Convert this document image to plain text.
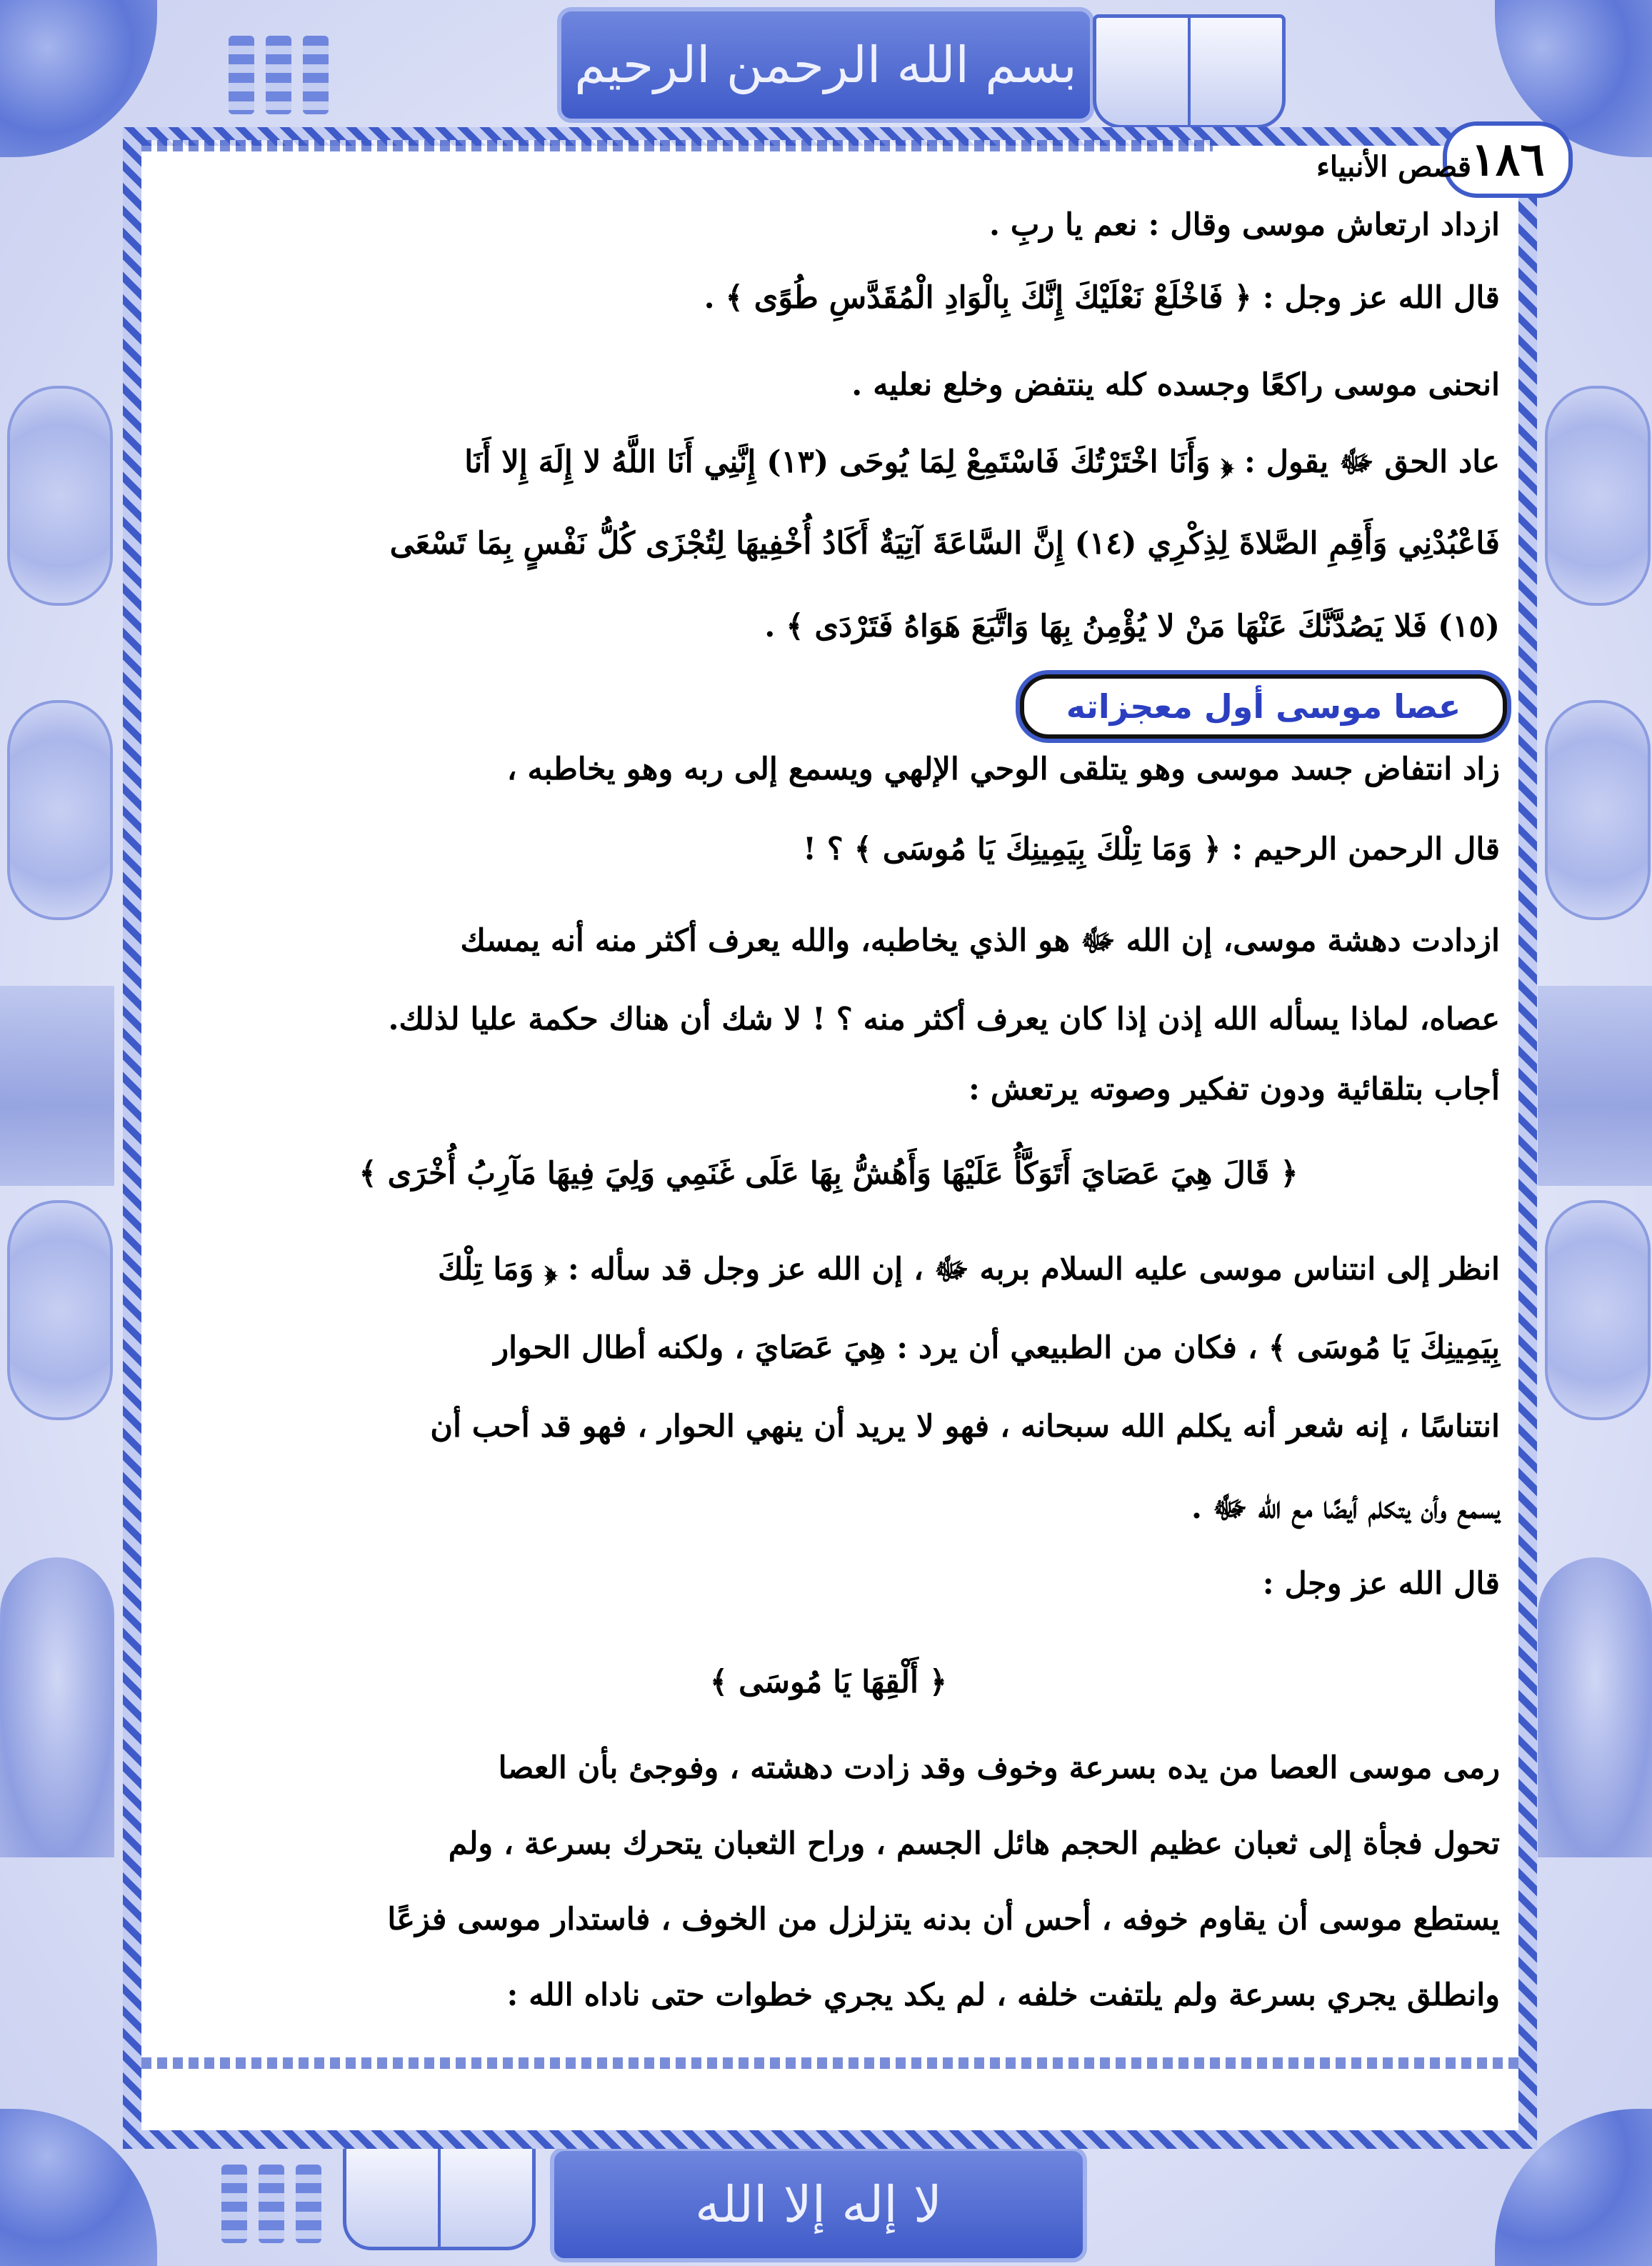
بسم الله الرحمن الرحيم
لا إله إلا الله
١٨٦
قصص الأنبياء
ازداد ارتعاش موسى وقال : نعم يا ربِ .
قال الله عز وجل : ﴿ فَاخْلَعْ نَعْلَيْكَ إِنَّكَ بِالْوَادِ الْمُقَدَّسِ طُوًى ﴾ .
انحنى موسى راكعًا وجسده كله ينتفض وخلع نعليه .
عاد الحق ﷻ يقول : ﴿ وَأَنَا اخْتَرْتُكَ فَاسْتَمِعْ لِمَا يُوحَى (١٣) إِنَّنِي أَنَا اللَّهُ لا إِلَهَ إِلا أَنَا
فَاعْبُدْنِي وَأَقِمِ الصَّلاةَ لِذِكْرِي (١٤) إِنَّ السَّاعَةَ آتِيَةٌ أَكَادُ أُخْفِيهَا لِتُجْزَى كُلُّ نَفْسٍ بِمَا تَسْعَى
(١٥) فَلا يَصُدَّنَّكَ عَنْهَا مَنْ لا يُؤْمِنُ بِهَا وَاتَّبَعَ هَوَاهُ فَتَرْدَى ﴾ .
عصا موسى أول معجزاته
زاد انتفاض جسد موسى وهو يتلقى الوحي الإلهي ويسمع إلى ربه وهو يخاطبه ،
قال الرحمن الرحيم : ﴿ وَمَا تِلْكَ بِيَمِينِكَ يَا مُوسَى ﴾ ؟ !
ازدادت دهشة موسى، إن الله ﷻ هو الذي يخاطبه، والله يعرف أكثر منه أنه يمسك
عصاه، لماذا يسأله الله إذن إذا كان يعرف أكثر منه ؟ ! لا شك أن هناك حكمة عليا لذلك.
أجاب بتلقائية ودون تفكير وصوته يرتعش :
﴿ قَالَ هِيَ عَصَايَ أَتَوَكَّأُ عَلَيْهَا وَأَهُشُّ بِهَا عَلَى غَنَمِي وَلِيَ فِيهَا مَآرِبُ أُخْرَى ﴾
انظر إلى انتناس موسى عليه السلام بربه ﷻ ، إن الله عز وجل قد سأله : ﴿ وَمَا تِلْكَ
بِيَمِينِكَ يَا مُوسَى ﴾ ، فكان من الطبيعي أن يرد : هِيَ عَصَايَ ، ولكنه أطال الحوار
انتناسًا ، إنه شعر أنه يكلم الله سبحانه ، فهو لا يريد أن ينهي الحوار ، فهو قد أحب أن
يسمع وأن يتكلم أيضًا مع الله ﷻ .
قال الله عز وجل :
﴿ أَلْقِهَا يَا مُوسَى ﴾
رمى موسى العصا من يده بسرعة وخوف وقد زادت دهشته ، وفوجئ بأن العصا
تحول فجأة إلى ثعبان عظيم الحجم هائل الجسم ، وراح الثعبان يتحرك بسرعة ، ولم
يستطع موسى أن يقاوم خوفه ، أحس أن بدنه يتزلزل من الخوف ، فاستدار موسى فزعًا
وانطلق يجري بسرعة ولم يلتفت خلفه ، لم يكد يجري خطوات حتى ناداه الله :
